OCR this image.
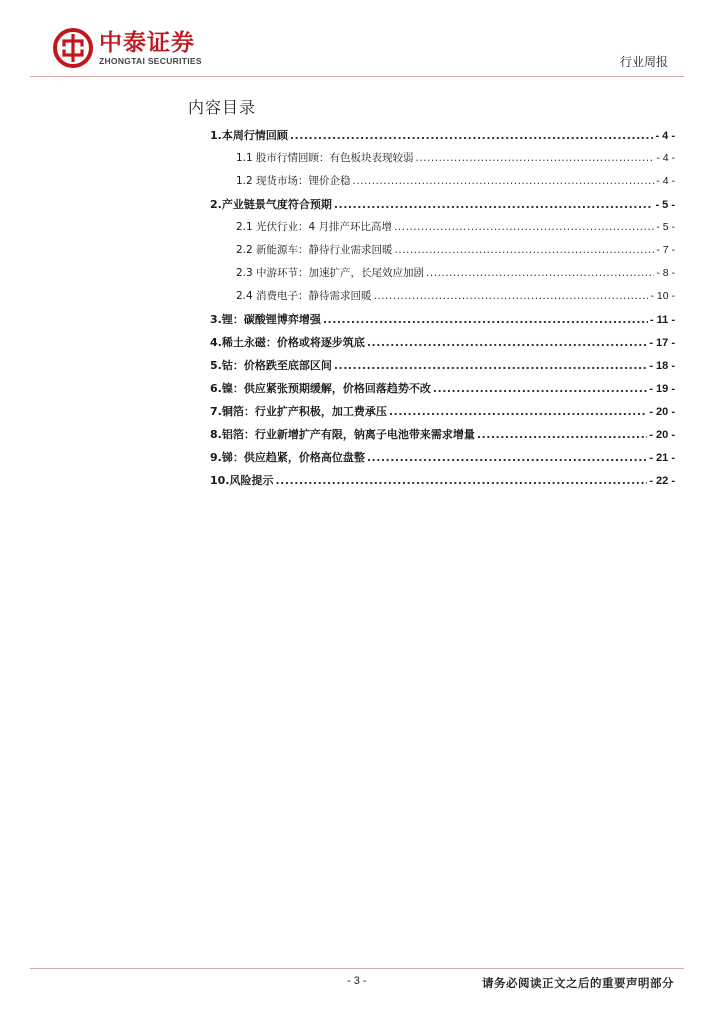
中泰证券
ZHONGTAI SECURITIES	行业周报
内容目录
1.本周行情回顾 .....	- 4 -
1.1 股市行情回顾：有色板块表现较弱 .....	- 4 -
1.2 现货市场：锂价企稳 .....	- 4 -
2.产业链景气度符合预期 .....	- 5 -
2.1 光伏行业：4 月排产环比高增 .....	- 5 -
2.2 新能源车：静待行业需求回暖 .....	- 7 -
2.3 中游环节：加速扩产，长尾效应加剧 .....	- 8 -
2.4 消费电子：静待需求回暖 .....	- 10 -
3.锂：碳酸锂博弈增强 .....	- 11 -
4.稀土永磁：价格或将逐步筑底 .....	- 17 -
5.钴：价格跌至底部区间 .....	- 18 -
6.镍：供应紧张预期缓解，价格回落趋势不改 .....	- 19 -
7.铜箔：行业扩产积极，加工费承压 .....	- 20 -
8.铝箔：行业新增扩产有限，钠离子电池带来需求增量 .....	- 20 -
9.锑：供应趋紧，价格高位盘整 .....	- 21 -
10.风险提示 .....	- 22 -
- 3 -	请务必阅读正文之后的重要声明部分
